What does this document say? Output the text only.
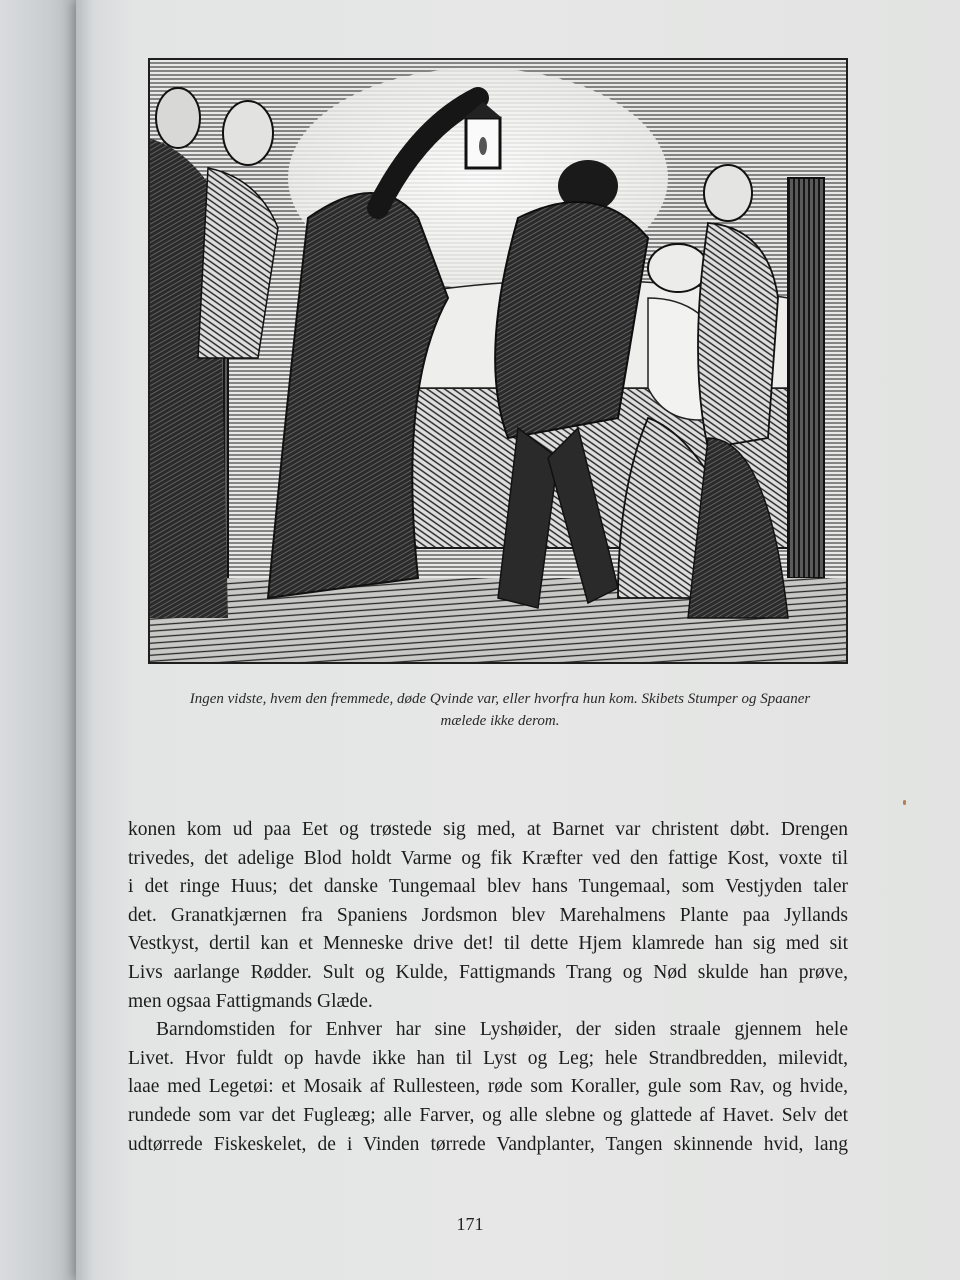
Ingen vidste, hvem den fremmede, døde Qvinde var, eller hvorfra hun kom. Skibets Stumper og Spaaner
mælede ikke derom.
konen kom ud paa Eet og trøstede sig med, at Barnet var christent døbt. Drengen
trivedes, det adelige Blod holdt Varme og fik Kræfter ved den fattige Kost, voxte til
i det ringe Huus; det danske Tungemaal blev hans Tungemaal, som Vestjyden taler
det. Granatkjærnen fra Spaniens Jordsmon blev Marehalmens Plante paa Jyllands
Vestkyst, dertil kan et Menneske drive det! til dette Hjem klamrede han sig med sit
Livs aarlange Rødder. Sult og Kulde, Fattigmands Trang og Nød skulde han prøve,
men ogsaa Fattigmands Glæde.
Barndomstiden for Enhver har sine Lyshøider, der siden straale gjennem hele
Livet. Hvor fuldt op havde ikke han til Lyst og Leg; hele Strandbredden, milevidt,
laae med Legetøi: et Mosaik af Rullesteen, røde som Koraller, gule som Rav, og hvide,
rundede som var det Fugleæg; alle Farver, og alle slebne og glattede af Havet. Selv det
udtørrede Fiskeskelet, de i Vinden tørrede Vandplanter, Tangen skinnende hvid, lang
171
